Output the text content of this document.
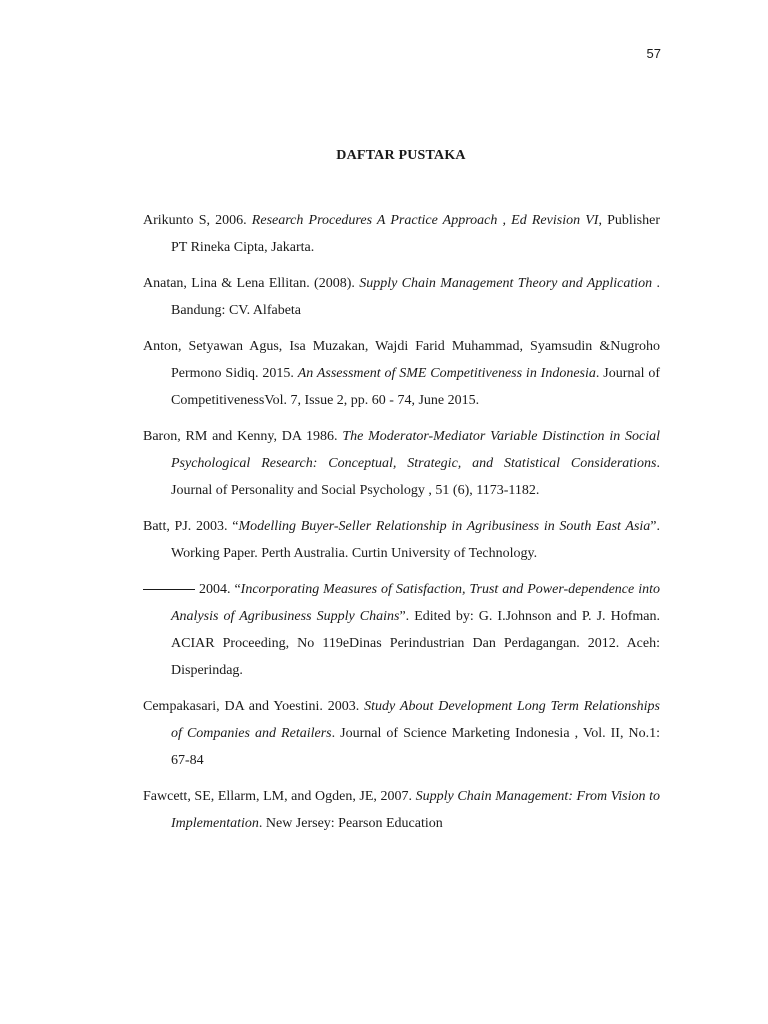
57
DAFTAR PUSTAKA

Arikunto S, 2006. Research Procedures A Practice Approach , Ed Revision VI, Publisher PT Rineka Cipta, Jakarta.

Anatan, Lina & Lena Ellitan. (2008). Supply Chain Management Theory and Application . Bandung: CV. Alfabeta

Anton, Setyawan Agus, Isa Muzakan, Wajdi Farid Muhammad, Syamsudin &Nugroho Permono Sidiq. 2015. An Assessment of SME Competitiveness in Indonesia. Journal of CompetitivenessVol. 7, Issue 2, pp. 60 - 74, June 2015.

Baron, RM and Kenny, DA 1986. The Moderator-Mediator Variable Distinction in Social Psychological Research: Conceptual, Strategic, and Statistical Considerations. Journal of Personality and Social Psychology , 51 (6), 1173-1182.

Batt, PJ. 2003. “Modelling Buyer-Seller Relationship in Agribusiness in South East Asia”. Working Paper. Perth Australia. Curtin University of Technology.

2004. “Incorporating Measures of Satisfaction, Trust and Power-dependence into Analysis of Agribusiness Supply Chains”. Edited by: G. I.Johnson and P. J. Hofman. ACIAR Proceeding, No 119eDinas Perindustrian Dan Perdagangan. 2012. Aceh: Disperindag.

Cempakasari, DA and Yoestini. 2003. Study About Development Long Term Relationships of Companies and Retailers. Journal of Science Marketing Indonesia , Vol. II, No.1: 67-84

Fawcett, SE, Ellarm, LM, and Ogden, JE, 2007. Supply Chain Management: From Vision to Implementation. New Jersey: Pearson Education
